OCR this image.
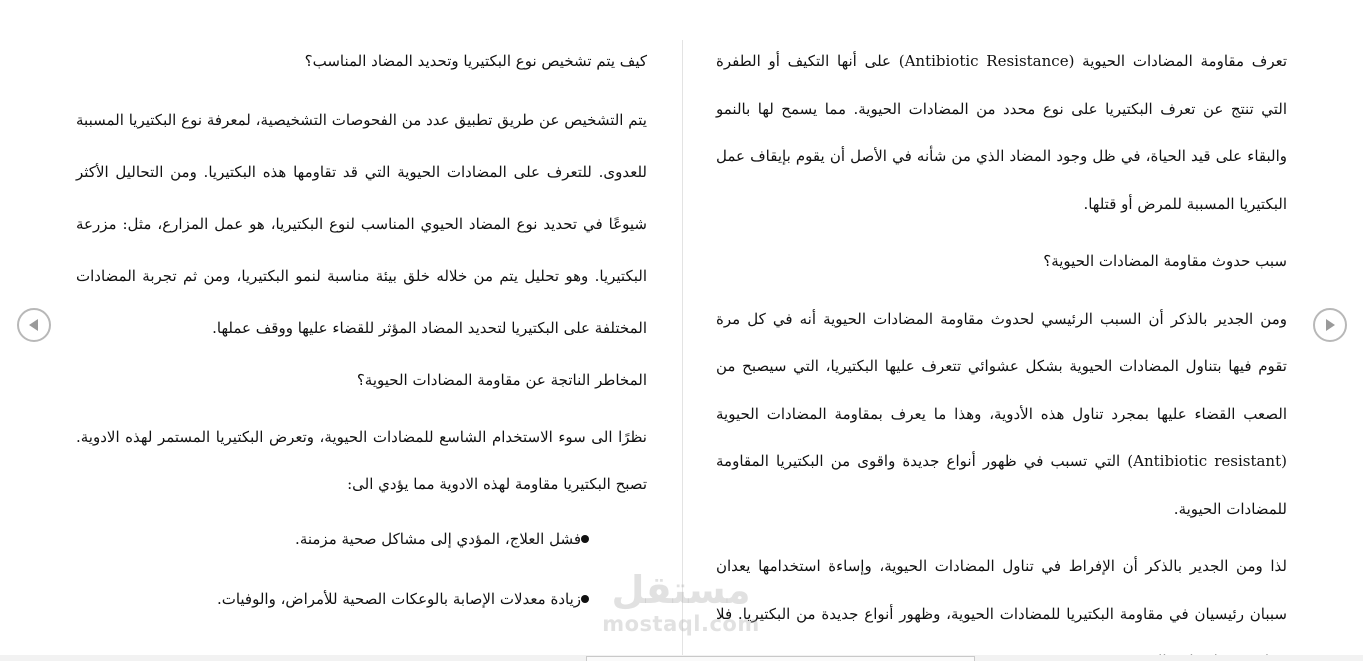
تعرف مقاومة المضادات الحيوية (Antibiotic Resistance) على أنها التكيف أو الطفرة التي تنتج عن تعرف البكتيريا على نوع محدد من المضادات الحيوية. مما يسمح لها بالنمو والبقاء على قيد الحياة، في ظل وجود المضاد الذي من شأنه في الأصل أن يقوم بإيقاف عمل البكتيريا المسببة للمرض أو قتلها.

سبب حدوث مقاومة المضادات الحيوية؟

ومن الجدير بالذكر أن السبب الرئيسي لحدوث مقاومة المضادات الحيوية أنه في كل مرة تقوم فيها بتناول المضادات الحيوية بشكل عشوائي تتعرف عليها البكتيريا، التي سيصبح من الصعب القضاء عليها بمجرد تناول هذه الأدوية، وهذا ما يعرف بمقاومة المضادات الحيوية (Antibiotic resistant) التي تسبب في ظهور أنواع جديدة واقوى من البكتيريا المقاومة للمضادات الحيوية.

لذا ومن الجدير بالذكر أن الإفراط في تناول المضادات الحيوية، وإساءة استخدامها يعدان سببان رئيسيان في مقاومة البكتيريا للمضادات الحيوية، وظهور أنواع جديدة من البكتيريا. فلا

كيف يتم تشخيص نوع البكتيريا وتحديد المضاد المناسب؟

يتم التشخيص عن طريق تطبيق عدد من الفحوصات التشخيصية، لمعرفة نوع البكتيريا المسببة للعدوى. للتعرف على المضادات الحيوية التي قد تقاومها هذه البكتيريا. ومن التحاليل الأكثر شيوعًا في تحديد نوع المضاد الحيوي المناسب لنوع البكتيريا، هو عمل المزارع، مثل: مزرعة البكتيريا. وهو تحليل يتم من خلاله خلق بيئة مناسبة لنمو البكتيريا، ومن ثم تجربة المضادات المختلفة على البكتيريا لتحديد المضاد المؤثر للقضاء عليها ووقف عملها.

المخاطر الناتجة عن مقاومة المضادات الحيوية؟

نظرًا الى سوء الاستخدام الشاسع للمضادات الحيوية، وتعرض البكتيريا المستمر لهذه الادوية. تصبح البكتيريا مقاومة لهذه الادوية مما يؤدي الى:

فشل العلاج، المؤدي إلى مشاكل صحية مزمنة.
زيادة معدلات الإصابة بالوعكات الصحية للأمراض، والوفيات. مستقل
mostaql.com
